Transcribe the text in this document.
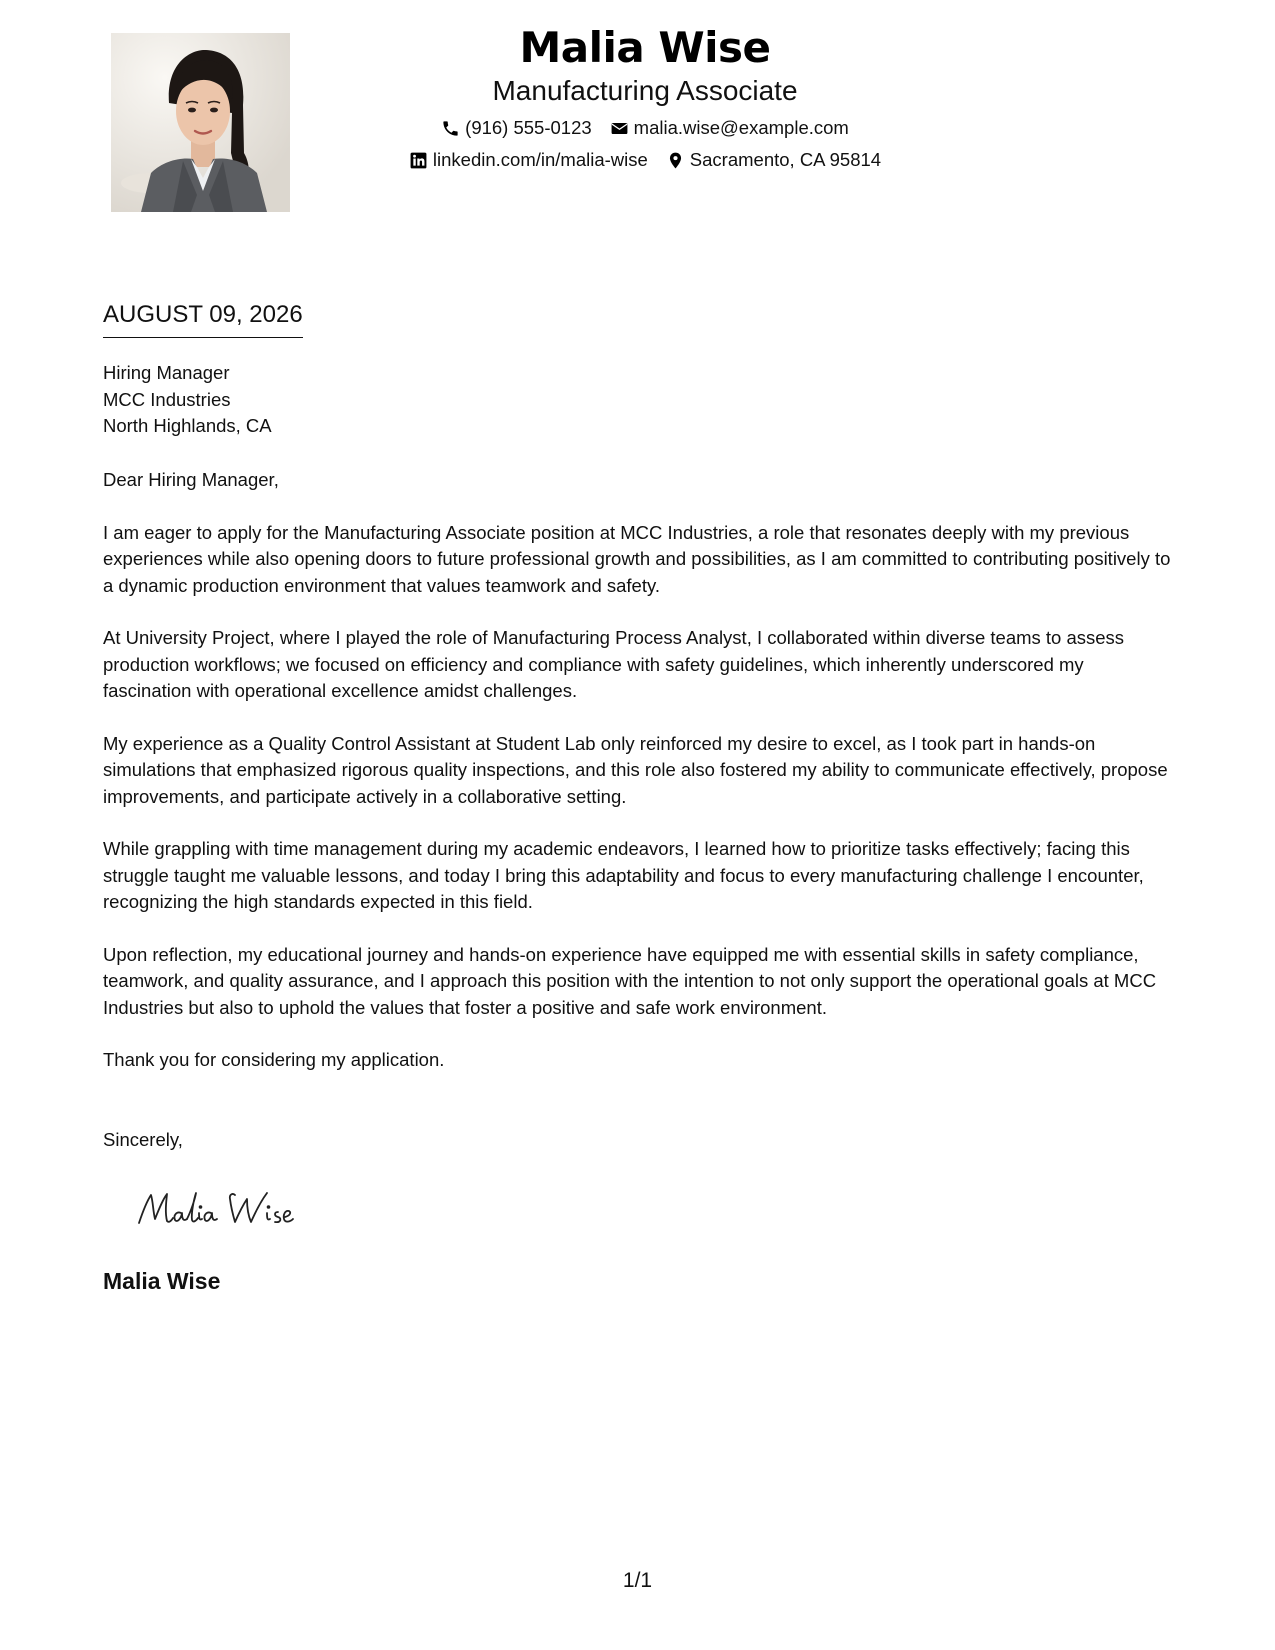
Malia Wise
Manufacturing Associate
(916) 555-0123 malia.wise@example.com
linkedin.com/in/malia-wise Sacramento, CA 95814
AUGUST 09, 2026
Hiring Manager
MCC Industries
North Highlands, CA

Dear Hiring Manager,

I am eager to apply for the Manufacturing Associate position at MCC Industries, a role that resonates deeply with my previous experiences while also opening doors to future professional growth and possibilities, as I am committed to contributing positively to a dynamic production environment that values teamwork and safety.

At University Project, where I played the role of Manufacturing Process Analyst, I collaborated within diverse teams to assess production workflows; we focused on efficiency and compliance with safety guidelines, which inherently underscored my fascination with operational excellence amidst challenges.

My experience as a Quality Control Assistant at Student Lab only reinforced my desire to excel, as I took part in hands-on simulations that emphasized rigorous quality inspections, and this role also fostered my ability to communicate effectively, propose improvements, and participate actively in a collaborative setting.

While grappling with time management during my academic endeavors, I learned how to prioritize tasks effectively; facing this struggle taught me valuable lessons, and today I bring this adaptability and focus to every manufacturing challenge I encounter, recognizing the high standards expected in this field.

Upon reflection, my educational journey and hands-on experience have equipped me with essential skills in safety compliance, teamwork, and quality assurance, and I approach this position with the intention to not only support the operational goals at MCC Industries but also to uphold the values that foster a positive and safe work environment.

Thank you for considering my application.

Sincerely,
Malia Wise
1/1
